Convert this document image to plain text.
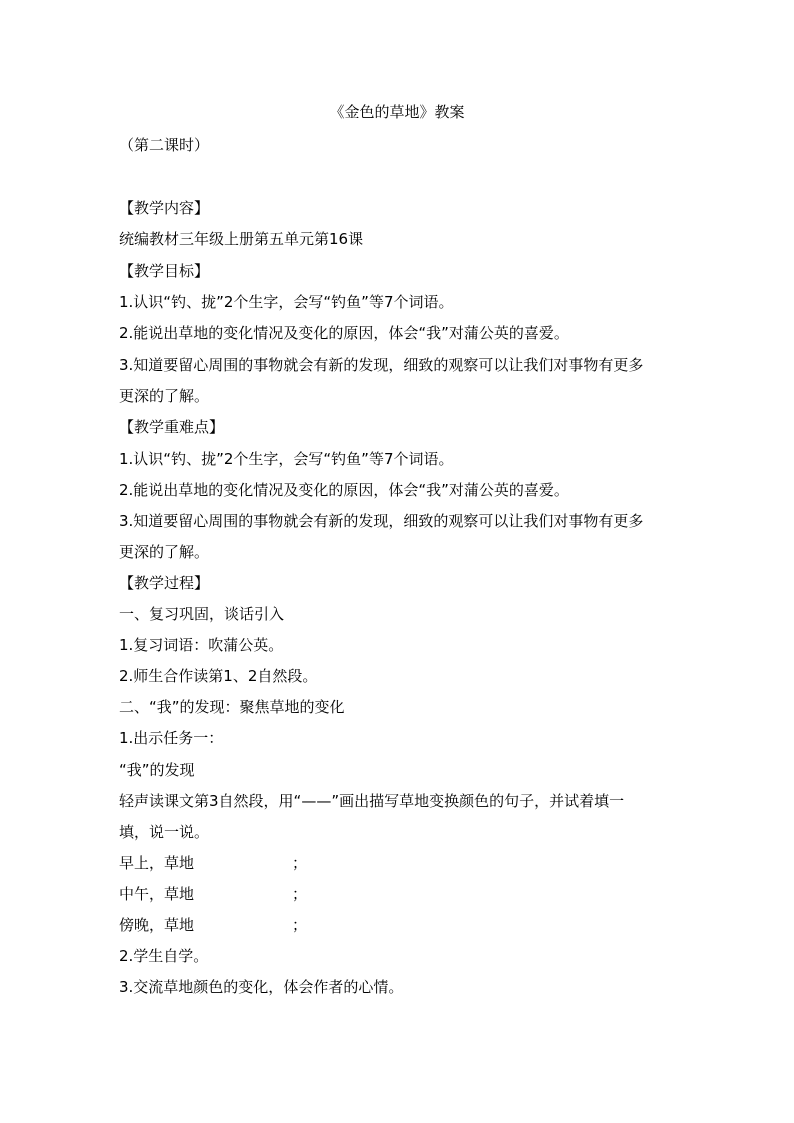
《金色的草地》教案

（第二课时）

【教学内容】

统编教材三年级上册第五单元第16课

【教学目标】

1.认识“钓、拢”2个生字，会写“钓鱼”等7个词语。

2.能说出草地的变化情况及变化的原因，体会“我”对蒲公英的喜爱。

3.知道要留心周围的事物就会有新的发现，细致的观察可以让我们对事物有更多

更深的了解。

【教学重难点】

1.认识“钓、拢”2个生字，会写“钓鱼”等7个词语。

2.能说出草地的变化情况及变化的原因，体会“我”对蒲公英的喜爱。

3.知道要留心周围的事物就会有新的发现，细致的观察可以让我们对事物有更多

更深的了解。

【教学过程】

一、复习巩固，谈话引入

1.复习词语：吹蒲公英。

2.师生合作读第1、2自然段。

二、“我”的发现：聚焦草地的变化

1.出示任务一：

“我”的发现

轻声读课文第3自然段，用“——”画出描写草地变换颜色的句子，并试着填一

填，说一说。

早上，草地	；

中午，草地	；

傍晚，草地	；

2.学生自学。

3.交流草地颜色的变化，体会作者的心情。
